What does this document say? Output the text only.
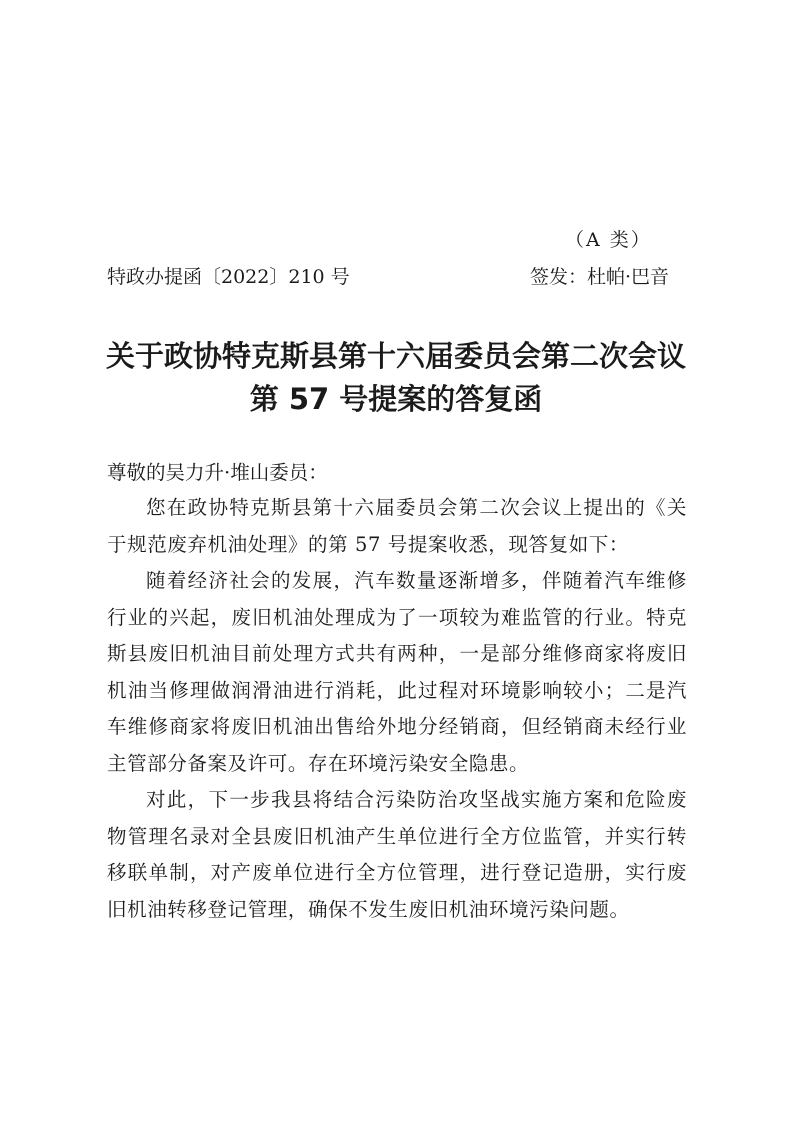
（A 类）
特政办提函〔2022〕210 号	签发：杜帕·巴音
关于政协特克斯县第十六届委员会第二次会议
第 57 号提案的答复函
尊敬的吴力升·堆山委员：

您在政协特克斯县第十六届委员会第二次会议上提出的《关于规范废弃机油处理》的第 57 号提案收悉，现答复如下：

随着经济社会的发展，汽车数量逐渐增多，伴随着汽车维修行业的兴起，废旧机油处理成为了一项较为难监管的行业。特克斯县废旧机油目前处理方式共有两种，一是部分维修商家将废旧机油当修理做润滑油进行消耗，此过程对环境影响较小；二是汽车维修商家将废旧机油出售给外地分经销商，但经销商未经行业主管部分备案及许可。存在环境污染安全隐患。

对此，下一步我县将结合污染防治攻坚战实施方案和危险废物管理名录对全县废旧机油产生单位进行全方位监管，并实行转移联单制，对产废单位进行全方位管理，进行登记造册，实行废旧机油转移登记管理，确保不发生废旧机油环境污染问题。
